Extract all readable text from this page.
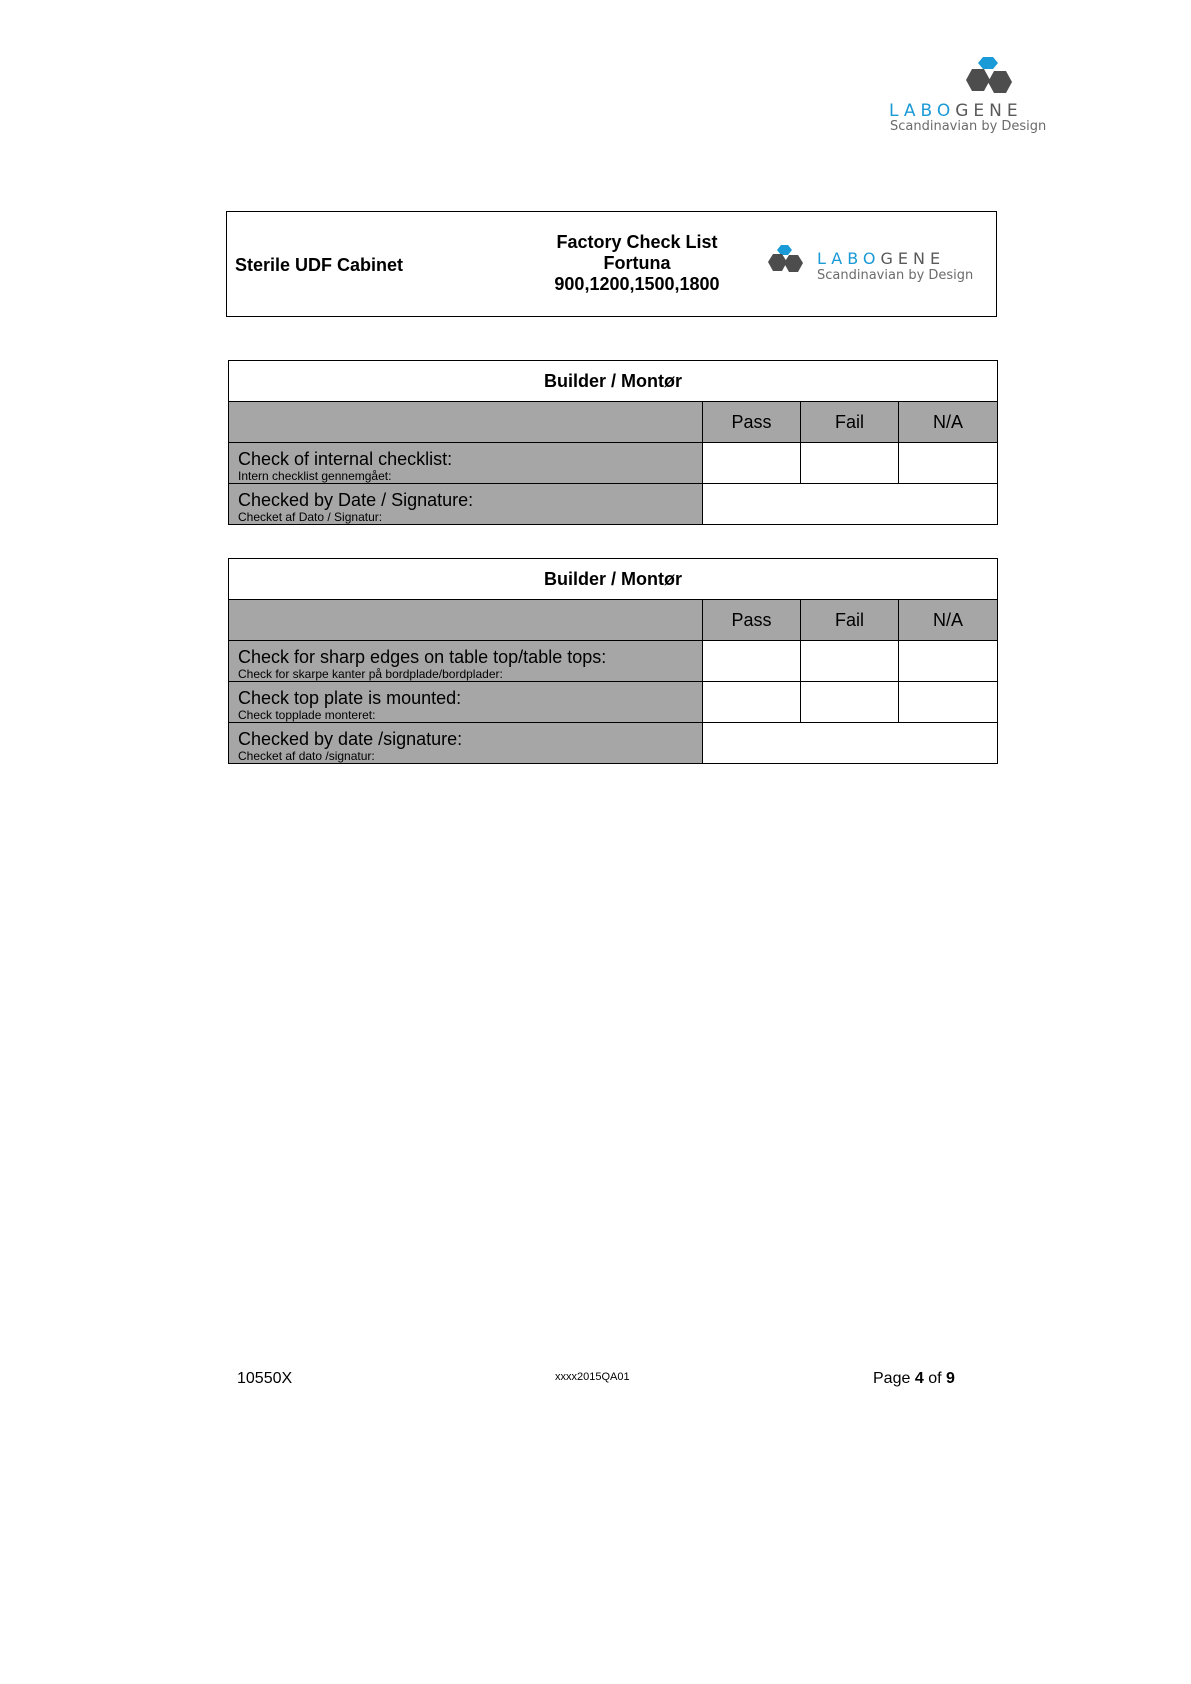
LABOGENE
Scandinavian by Design
Sterile UDF Cabinet
Factory Check List
Fortuna
900,1200,1500,1800
LABOGENE
Scandinavian by Design
Builder / Montør			
	Pass	Fail	N/A

Check of internal checklist:
Intern checklist gennemgået:			

Checked by Date / Signature:
Checket af Dato / Signatur:			

Builder / Montør			
	Pass	Fail	N/A

Check for sharp edges on table top/table tops:
Check for skarpe kanter på bordplade/bordplader:			

Check top plate is mounted:
Check topplade monteret:			

Checked by date /signature:
Checket af dato /signatur:			

10550X	xxxx2015QA01	Page 4 of 9
